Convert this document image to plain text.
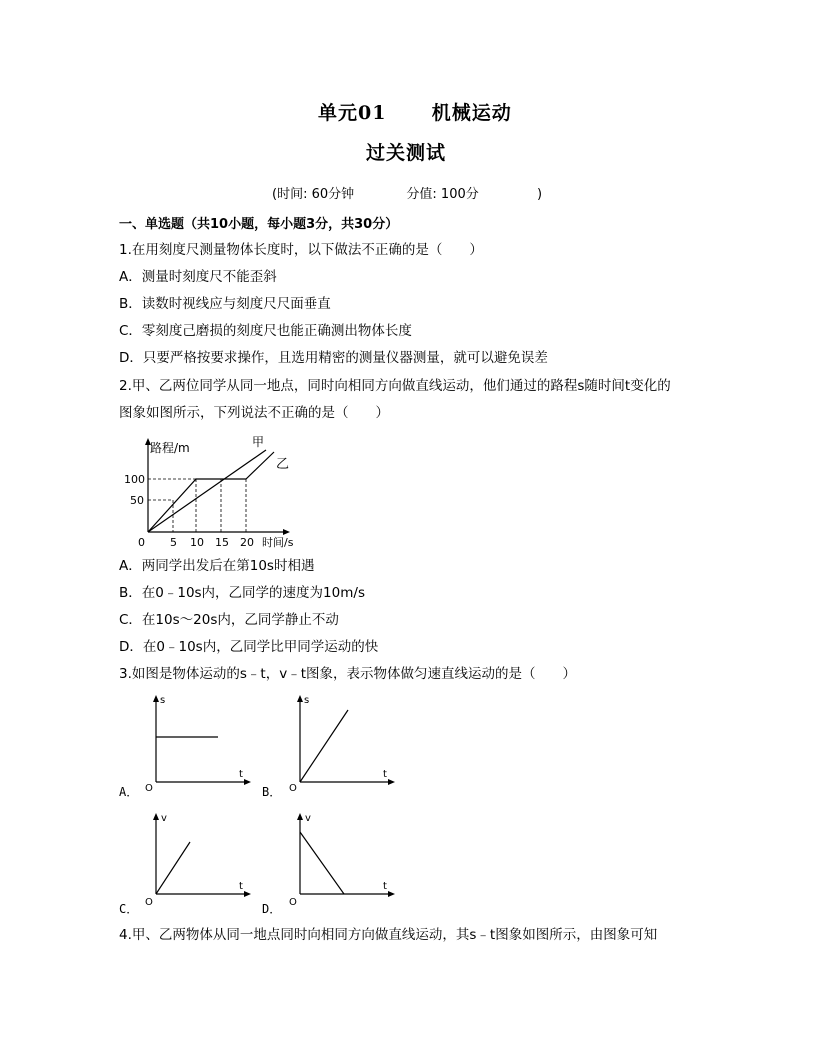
单元01 机械运动
过关测试
(时间: 60分钟	分值: 100分	)
一、单选题（共10小题，每小题3分，共30分）
1.在用刻度尺测量物体长度时，以下做法不正确的是（　　）
A．测量时刻度尺不能歪斜
B．读数时视线应与刻度尺尺面垂直
C．零刻度己磨损的刻度尺也能正确测出物体长度
D．只要严格按要求操作，且选用精密的测量仪器测量，就可以避免误差
2.甲、乙两位同学从同一地点，同时向相同方向做直线运动，他们通过的路程s随时间t变化的
图象如图所示，下列说法不正确的是（　　）
路程/m	甲
乙
100
50
0 5 10 15 20 时间/s
A．两同学出发后在第10s时相遇
B．在0﹣10s内，乙同学的速度为10m/s
C．在10s～20s内，乙同学静止不动
D．在0﹣10s内，乙同学比甲同学运动的快
3.如图是物体运动的s﹣t，v﹣t图象，表示物体做匀速直线运动的是（　　）
A．
s
t
O	B．
s
t
O
C．
v
t
O	D．
v
t
O
4.甲、乙两物体从同一地点同时向相同方向做直线运动，其s﹣t图象如图所示，由图象可知
